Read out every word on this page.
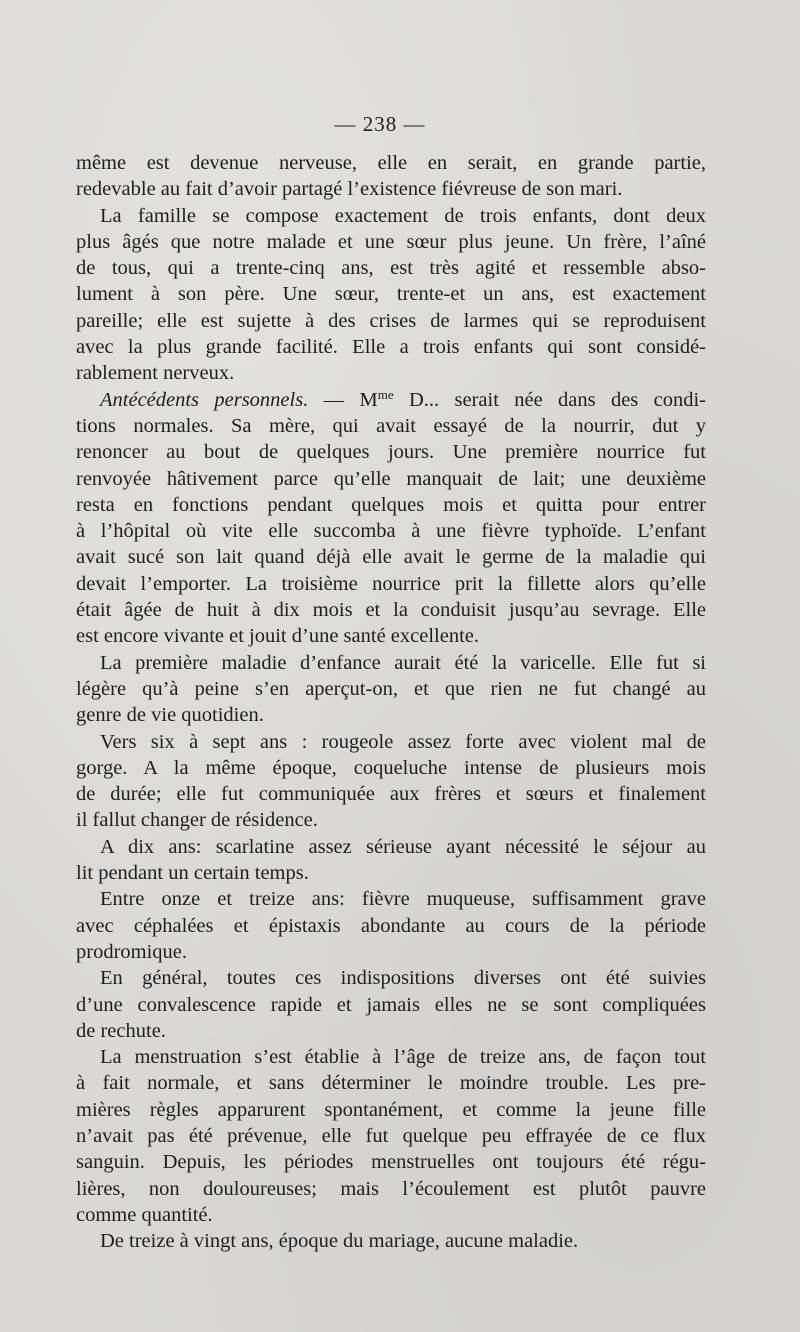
— 238 —
même est devenue nerveuse, elle en serait, en grande partie,
redevable au fait d’avoir partagé l’existence fiévreuse de son mari.
La famille se compose exactement de trois enfants, dont deux
plus âgés que notre malade et une sœur plus jeune. Un frère, l’aîné
de tous, qui a trente-cinq ans, est très agité et ressemble abso-
lument à son père. Une sœur, trente-et un ans, est exactement
pareille; elle est sujette à des crises de larmes qui se reproduisent
avec la plus grande facilité. Elle a trois enfants qui sont considé-
rablement nerveux.
Antécédents personnels. — $M^{me}$ D... serait née dans des condi-
tions normales. Sa mère, qui avait essayé de la nourrir, dut y
renoncer au bout de quelques jours. Une première nourrice fut
renvoyée hâtivement parce qu’elle manquait de lait; une deuxième
resta en fonctions pendant quelques mois et quitta pour entrer
à l’hôpital où vite elle succomba à une fièvre typhoïde. L’enfant
avait sucé son lait quand déjà elle avait le germe de la maladie qui
devait l’emporter. La troisième nourrice prit la fillette alors qu’elle
était âgée de huit à dix mois et la conduisit jusqu’au sevrage. Elle
est encore vivante et jouit d’une santé excellente.
La première maladie d’enfance aurait été la varicelle. Elle fut si
légère qu’à peine s’en aperçut-on, et que rien ne fut changé au
genre de vie quotidien.
Vers six à sept ans : rougeole assez forte avec violent mal de
gorge. A la même époque, coqueluche intense de plusieurs mois
de durée; elle fut communiquée aux frères et sœurs et finalement
il fallut changer de résidence.
A dix ans: scarlatine assez sérieuse ayant nécessité le séjour au
lit pendant un certain temps.
Entre onze et treize ans: fièvre muqueuse, suffisamment grave
avec céphalées et épistaxis abondante au cours de la période
prodromique.
En général, toutes ces indispositions diverses ont été suivies
d’une convalescence rapide et jamais elles ne se sont compliquées
de rechute.
La menstruation s’est établie à l’âge de treize ans, de façon tout
à fait normale, et sans déterminer le moindre trouble. Les pre-
mières règles apparurent spontanément, et comme la jeune fille
n’avait pas été prévenue, elle fut quelque peu effrayée de ce flux
sanguin. Depuis, les périodes menstruelles ont toujours été régu-
lières, non douloureuses; mais l’écoulement est plutôt pauvre
comme quantité.
De treize à vingt ans, époque du mariage, aucune maladie.
